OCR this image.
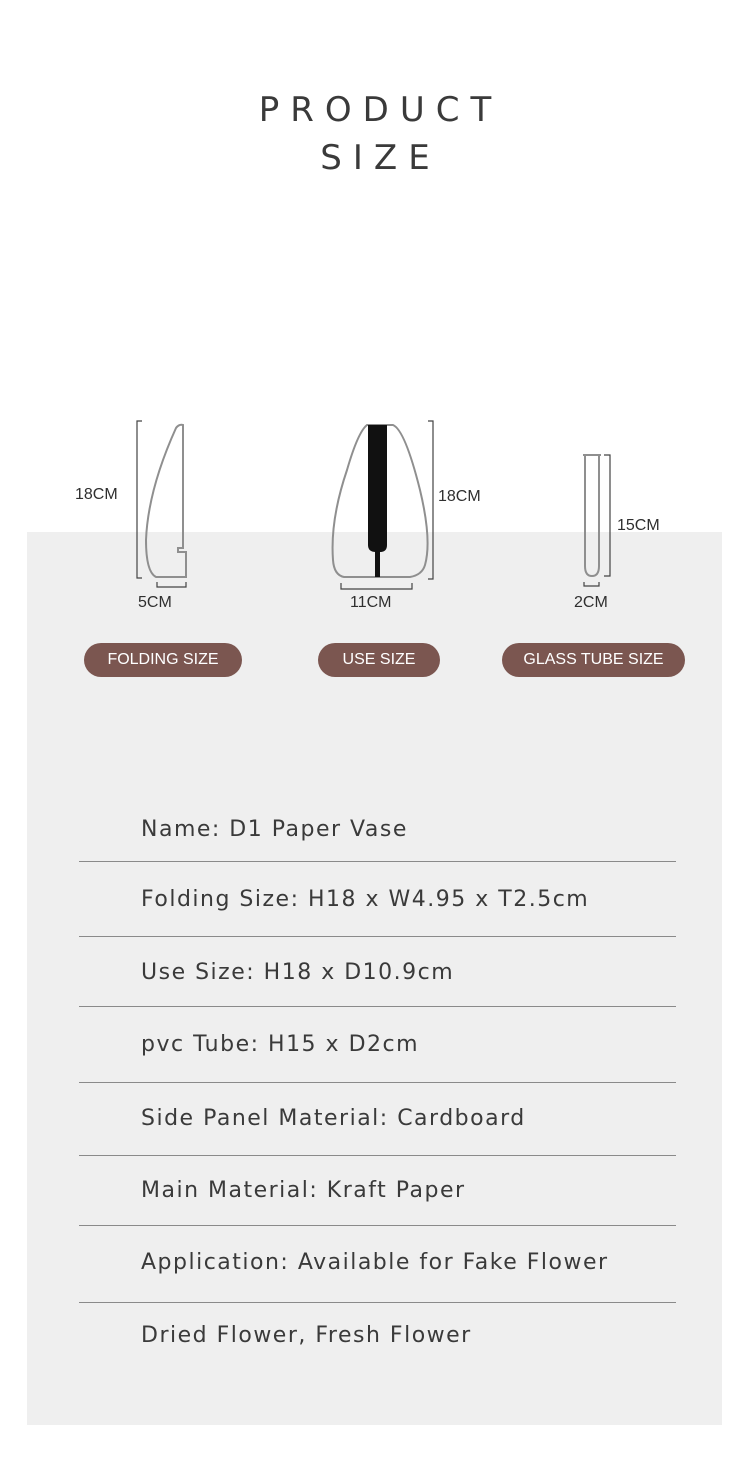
PRODUCT
SIZE
18CM
5CM
18CM
11CM
15CM
2CM
FOLDING SIZE	USE SIZE	GLASS TUBE SIZE
Name: D1 Paper Vase
Folding Size: H18 x W4.95 x T2.5cm
Use Size: H18 x D10.9cm
pvc Tube: H15 x D2cm
Side Panel Material: Cardboard
Main Material: Kraft Paper
Application: Available for Fake Flower
Dried Flower, Fresh Flower
